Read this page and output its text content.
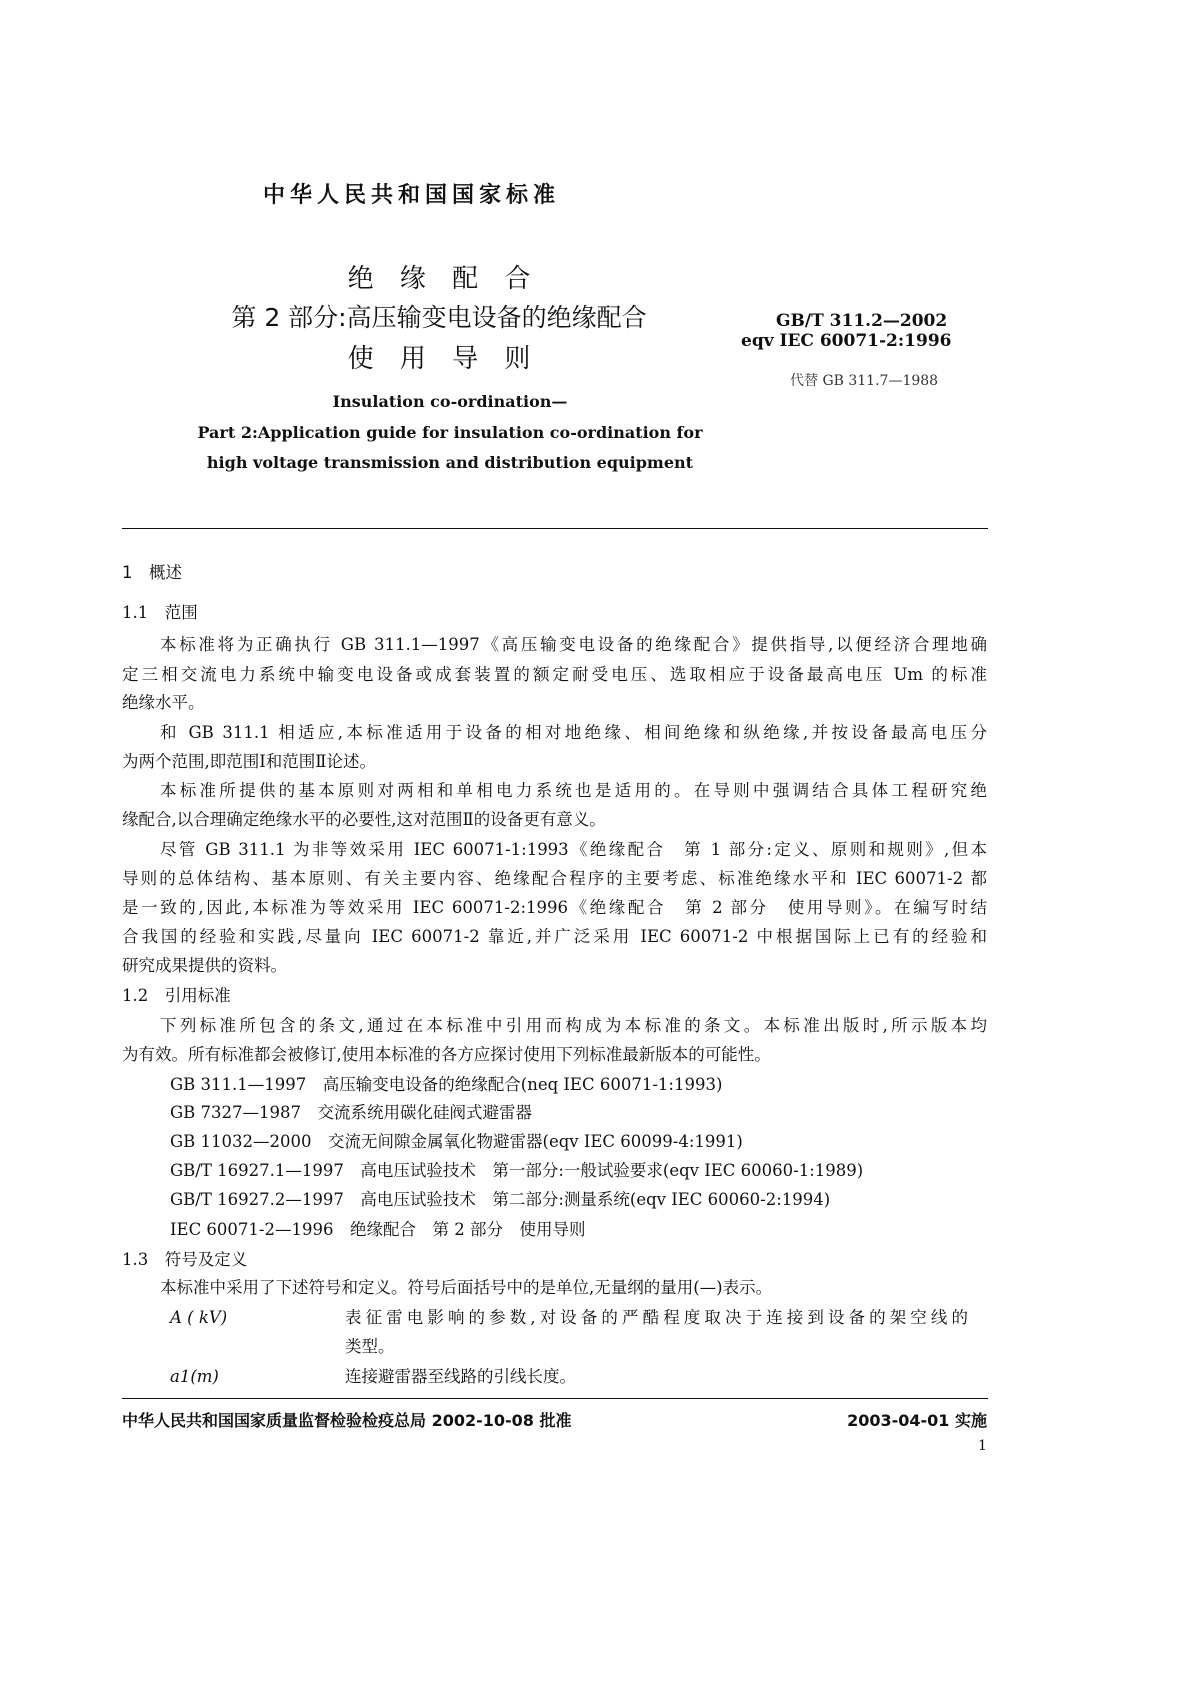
中华人民共和国国家标准
绝 缘 配 合
第 2 部分:高压输变电设备的绝缘配合
使 用 导 则
GB/T 311.2—2002
eqv IEC 60071-2:1996
代替 GB 311.7—1988
Insulation co-ordination—
Part 2:Application guide for insulation co-ordination for
high voltage transmission and distribution equipment
1　概述
1.1　范围
本标准将为正确执行 GB 311.1—1997《高压输变电设备的绝缘配合》提供指导,以便经济合理地确
定三相交流电力系统中输变电设备或成套装置的额定耐受电压、选取相应于设备最高电压 Um 的标准
绝缘水平。
和 GB 311.1 相适应,本标准适用于设备的相对地绝缘、相间绝缘和纵绝缘,并按设备最高电压分
为两个范围,即范围Ⅰ和范围Ⅱ论述。
本标准所提供的基本原则对两相和单相电力系统也是适用的。在导则中强调结合具体工程研究绝
缘配合,以合理确定绝缘水平的必要性,这对范围Ⅱ的设备更有意义。
尽管 GB 311.1 为非等效采用 IEC 60071-1:1993《绝缘配合　第 1 部分:定义、原则和规则》,但本
导则的总体结构、基本原则、有关主要内容、绝缘配合程序的主要考虑、标准绝缘水平和 IEC 60071-2 都
是一致的,因此,本标准为等效采用 IEC 60071-2:1996《绝缘配合　第 2 部分　使用导则》。在编写时结
合我国的经验和实践,尽量向 IEC 60071-2 靠近,并广泛采用 IEC 60071-2 中根据国际上已有的经验和
研究成果提供的资料。
1.2　引用标准
下列标准所包含的条文,通过在本标准中引用而构成为本标准的条文。本标准出版时,所示版本均
为有效。所有标准都会被修订,使用本标准的各方应探讨使用下列标准最新版本的可能性。
GB 311.1—1997　高压输变电设备的绝缘配合(neq IEC 60071-1:1993)
GB 7327—1987　交流系统用碳化硅阀式避雷器
GB 11032—2000　交流无间隙金属氧化物避雷器(eqv IEC 60099-4:1991)
GB/T 16927.1—1997　高电压试验技术　第一部分:一般试验要求(eqv IEC 60060-1:1989)
GB/T 16927.2—1997　高电压试验技术　第二部分:测量系统(eqv IEC 60060-2:1994)
IEC 60071-2—1996　绝缘配合　第 2 部分　使用导则
1.3　符号及定义
本标准中采用了下述符号和定义。符号后面括号中的是单位,无量纲的量用(—)表示。
A ( kV)	表征雷电影响的参数,对设备的严酷程度取决于连接到设备的架空线的
类型。
a1(m)	连接避雷器至线路的引线长度。
中华人民共和国国家质量监督检验检疫总局 2002-10-08 批准	2003-04-01 实施
1
